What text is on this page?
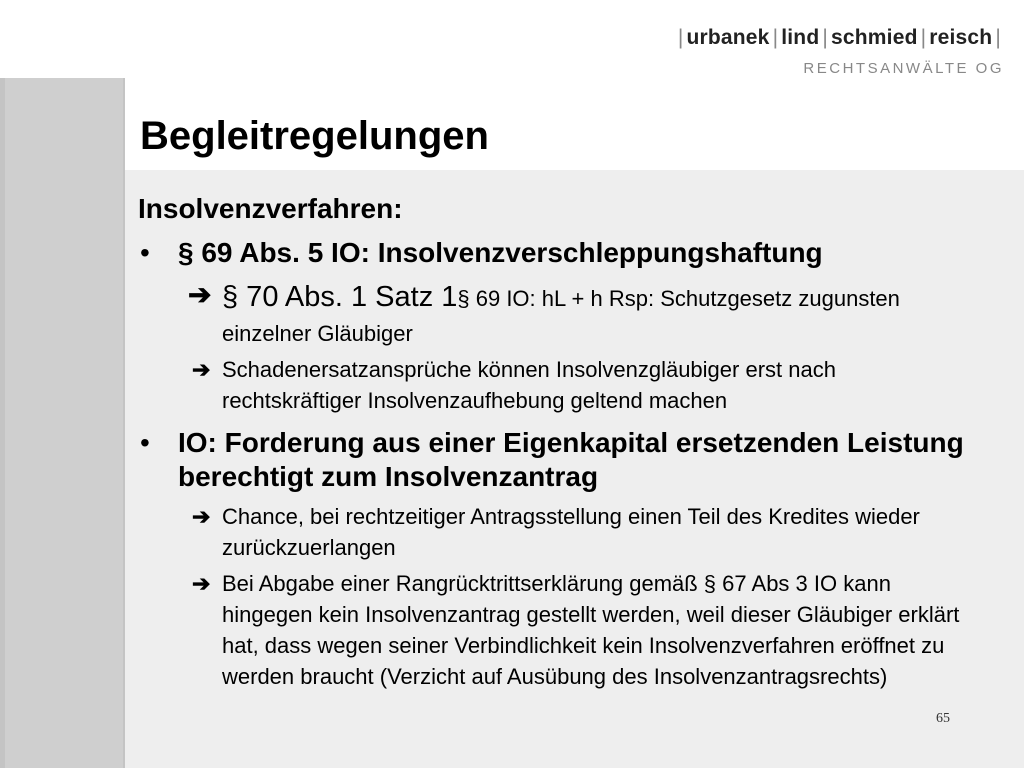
| urbanek | lind | schmied | reisch |
RECHTSANWÄLTE OG
Begleitregelungen
Insolvenzverfahren:
• § 69 Abs. 5 IO: Insolvenzverschleppungshaftung
➔ § 70 Abs. 1 Satz 1§ 69 IO: hL + h Rsp: Schutzgesetz zugunsten einzelner Gläubiger
➔ Schadenersatzansprüche können Insolvenzgläubiger erst nach rechtskräftiger Insolvenzaufhebung geltend machen
• IO: Forderung aus einer Eigenkapital ersetzenden Leistung berechtigt zum Insolvenzantrag
➔ Chance, bei rechtzeitiger Antragsstellung einen Teil des Kredites wieder zurückzuerlangen
➔ Bei Abgabe einer Rangrücktrittserklärung gemäß § 67 Abs 3 IO kann hingegen kein Insolvenzantrag gestellt werden, weil dieser Gläubiger erklärt hat, dass wegen seiner Verbindlichkeit kein Insolvenzverfahren eröffnet zu werden braucht (Verzicht auf Ausübung des Insolvenzantragsrechts)
65
